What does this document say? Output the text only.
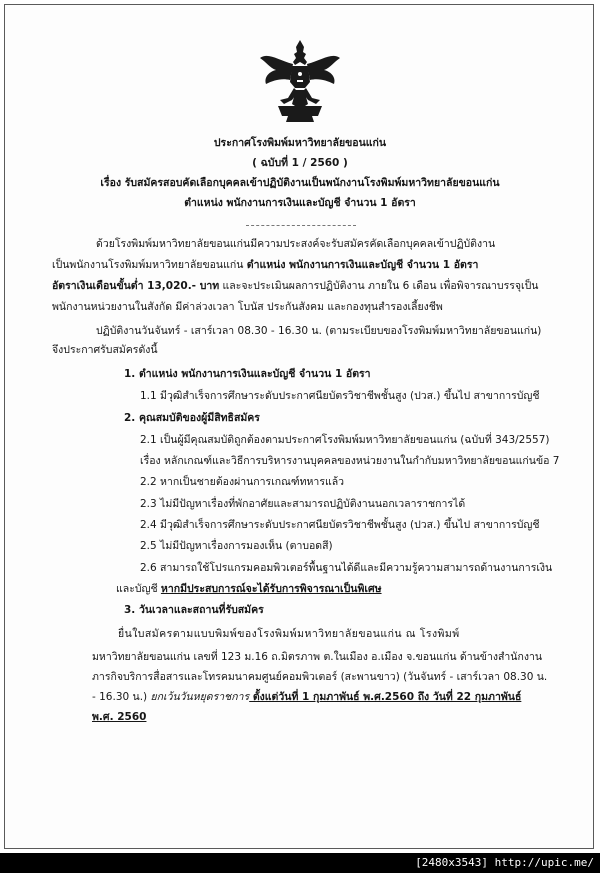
ประกาศโรงพิมพ์มหาวิทยาลัยขอนแก่น
( ฉบับที่ 1 / 2560 )
เรื่อง รับสมัครสอบคัดเลือกบุคคลเข้าปฏิบัติงานเป็นพนักงานโรงพิมพ์มหาวิทยาลัยขอนแก่น
ตำแหน่ง พนักงานการเงินและบัญชี จำนวน 1 อัตรา
ด้วยโรงพิมพ์มหาวิทยาลัยขอนแก่นมีความประสงค์จะรับสมัครคัดเลือกบุคคลเข้าปฏิบัติงาน
เป็นพนักงานโรงพิมพ์มหาวิทยาลัยขอนแก่น ตำแหน่ง พนักงานการเงินและบัญชี จำนวน 1 อัตรา
อัตราเงินเดือนขั้นต่ำ 13,020.- บาท และจะประเมินผลการปฏิบัติงาน ภายใน 6 เดือน เพื่อพิจารณาบรรจุเป็น
พนักงานหน่วยงานในสังกัด มีค่าล่วงเวลา โบนัส ประกันสังคม และกองทุนสำรองเลี้ยงชีพ
ปฏิบัติงานวันจันทร์ - เสาร์เวลา 08.30 - 16.30 น. (ตามระเบียบของโรงพิมพ์มหาวิทยาลัยขอนแก่น)
จึงประกาศรับสมัครดังนี้
1. ตำแหน่ง พนักงานการเงินและบัญชี จำนวน 1 อัตรา
1.1 มีวุฒิสำเร็จการศึกษาระดับประกาศนียบัตรวิชาชีพชั้นสูง (ปวส.) ขึ้นไป สาขาการบัญชี
2. คุณสมบัติของผู้มีสิทธิสมัคร
2.1 เป็นผู้มีคุณสมบัติถูกต้องตามประกาศโรงพิมพ์มหาวิทยาลัยขอนแก่น (ฉบับที่ 343/2557)
เรื่อง หลักเกณฑ์และวิธีการบริหารงานบุคคลของหน่วยงานในกำกับมหาวิทยาลัยขอนแก่นข้อ 7
2.2 หากเป็นชายต้องผ่านการเกณฑ์ทหารแล้ว
2.3 ไม่มีปัญหาเรื่องที่พักอาศัยและสามารถปฏิบัติงานนอกเวลาราชการได้
2.4 มีวุฒิสำเร็จการศึกษาระดับประกาศนียบัตรวิชาชีพชั้นสูง (ปวส.) ขึ้นไป สาขาการบัญชี
2.5 ไม่มีปัญหาเรื่องการมองเห็น (ตาบอดสี)
2.6 สามารถใช้โปรแกรมคอมพิวเตอร์พื้นฐานได้ดีและมีความรู้ความสามารถด้านงานการเงิน
และบัญชี หากมีประสบการณ์จะได้รับการพิจารณาเป็นพิเศษ
3. วันเวลาและสถานที่รับสมัคร
ยื่นใบสมัครตามแบบพิมพ์ของโรงพิมพ์มหาวิทยาลัยขอนแก่น ณ โรงพิมพ์
มหาวิทยาลัยขอนแก่น เลขที่ 123 ม.16 ถ.มิตรภาพ ต.ในเมือง อ.เมือง จ.ขอนแก่น ด้านข้างสำนักงาน
ภารกิจบริการสื่อสารและโทรคมนาคมศูนย์คอมพิวเตอร์ (สะพานขาว) (วันจันทร์ - เสาร์เวลา 08.30 น.
- 16.30 น.) ยกเว้นวันหยุดราชการ ตั้งแต่วันที่ 1 กุมภาพันธ์ พ.ศ.2560 ถึง วันที่ 22 กุมภาพันธ์
พ.ศ. 2560
[2480x3543] http://upic.me/
